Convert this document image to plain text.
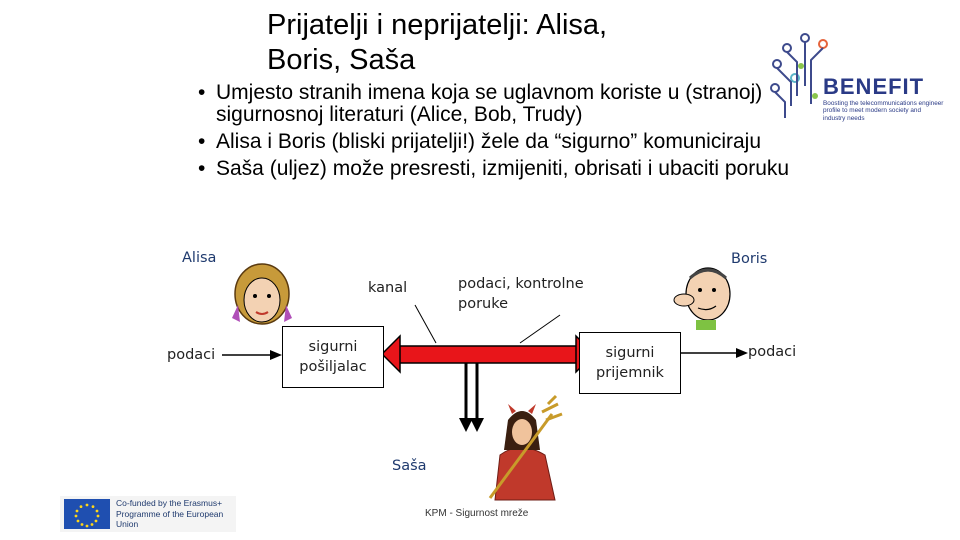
Prijatelji i neprijatelji: Alisa, Boris, Saša
• Umjesto stranih imena koja se uglavnom koriste u (stranoj) sigurnosnoj literaturi (Alice, Bob, Trudy)
• Alisa i Boris (bliski prijatelji!) žele da “sigurno” komuniciraju
• Saša (uljez) može presresti, izmijeniti, obrisati i ubaciti poruku
BENEFIT
Boosting the telecommunications engineer profile to meet modern society and industry needs
Alisa	Boris
Saša
kanal	podaci, kontrolne poruke
podaci	podaci
sigurni pošiljalac
sigurni prijemnik
Co-funded by the Erasmus+ Programme of the European Union
KPM - Sigurnost mreže
